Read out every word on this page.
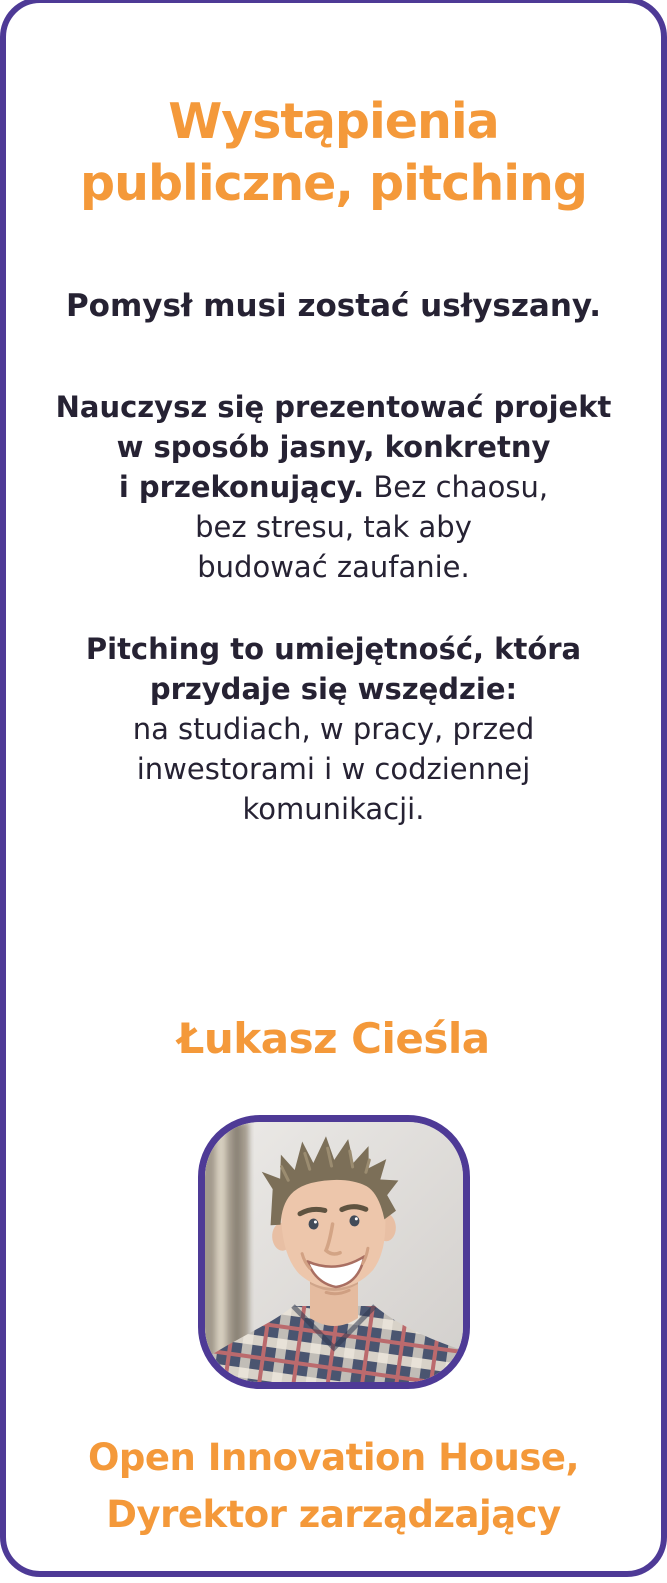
Wystąpienia
publiczne, pitching

Pomysł musi zostać usłyszany.

Nauczysz się prezentować projekt
w sposób jasny, konkretny
i przekonujący. Bez chaosu,
bez stresu, tak aby
budować zaufanie.

Pitching to umiejętność, która
przydaje się wszędzie:
na studiach, w pracy, przed
inwestorami i w codziennej
komunikacji.

Łukasz Cieśla
Open Innovation House,
Dyrektor zarządzający
